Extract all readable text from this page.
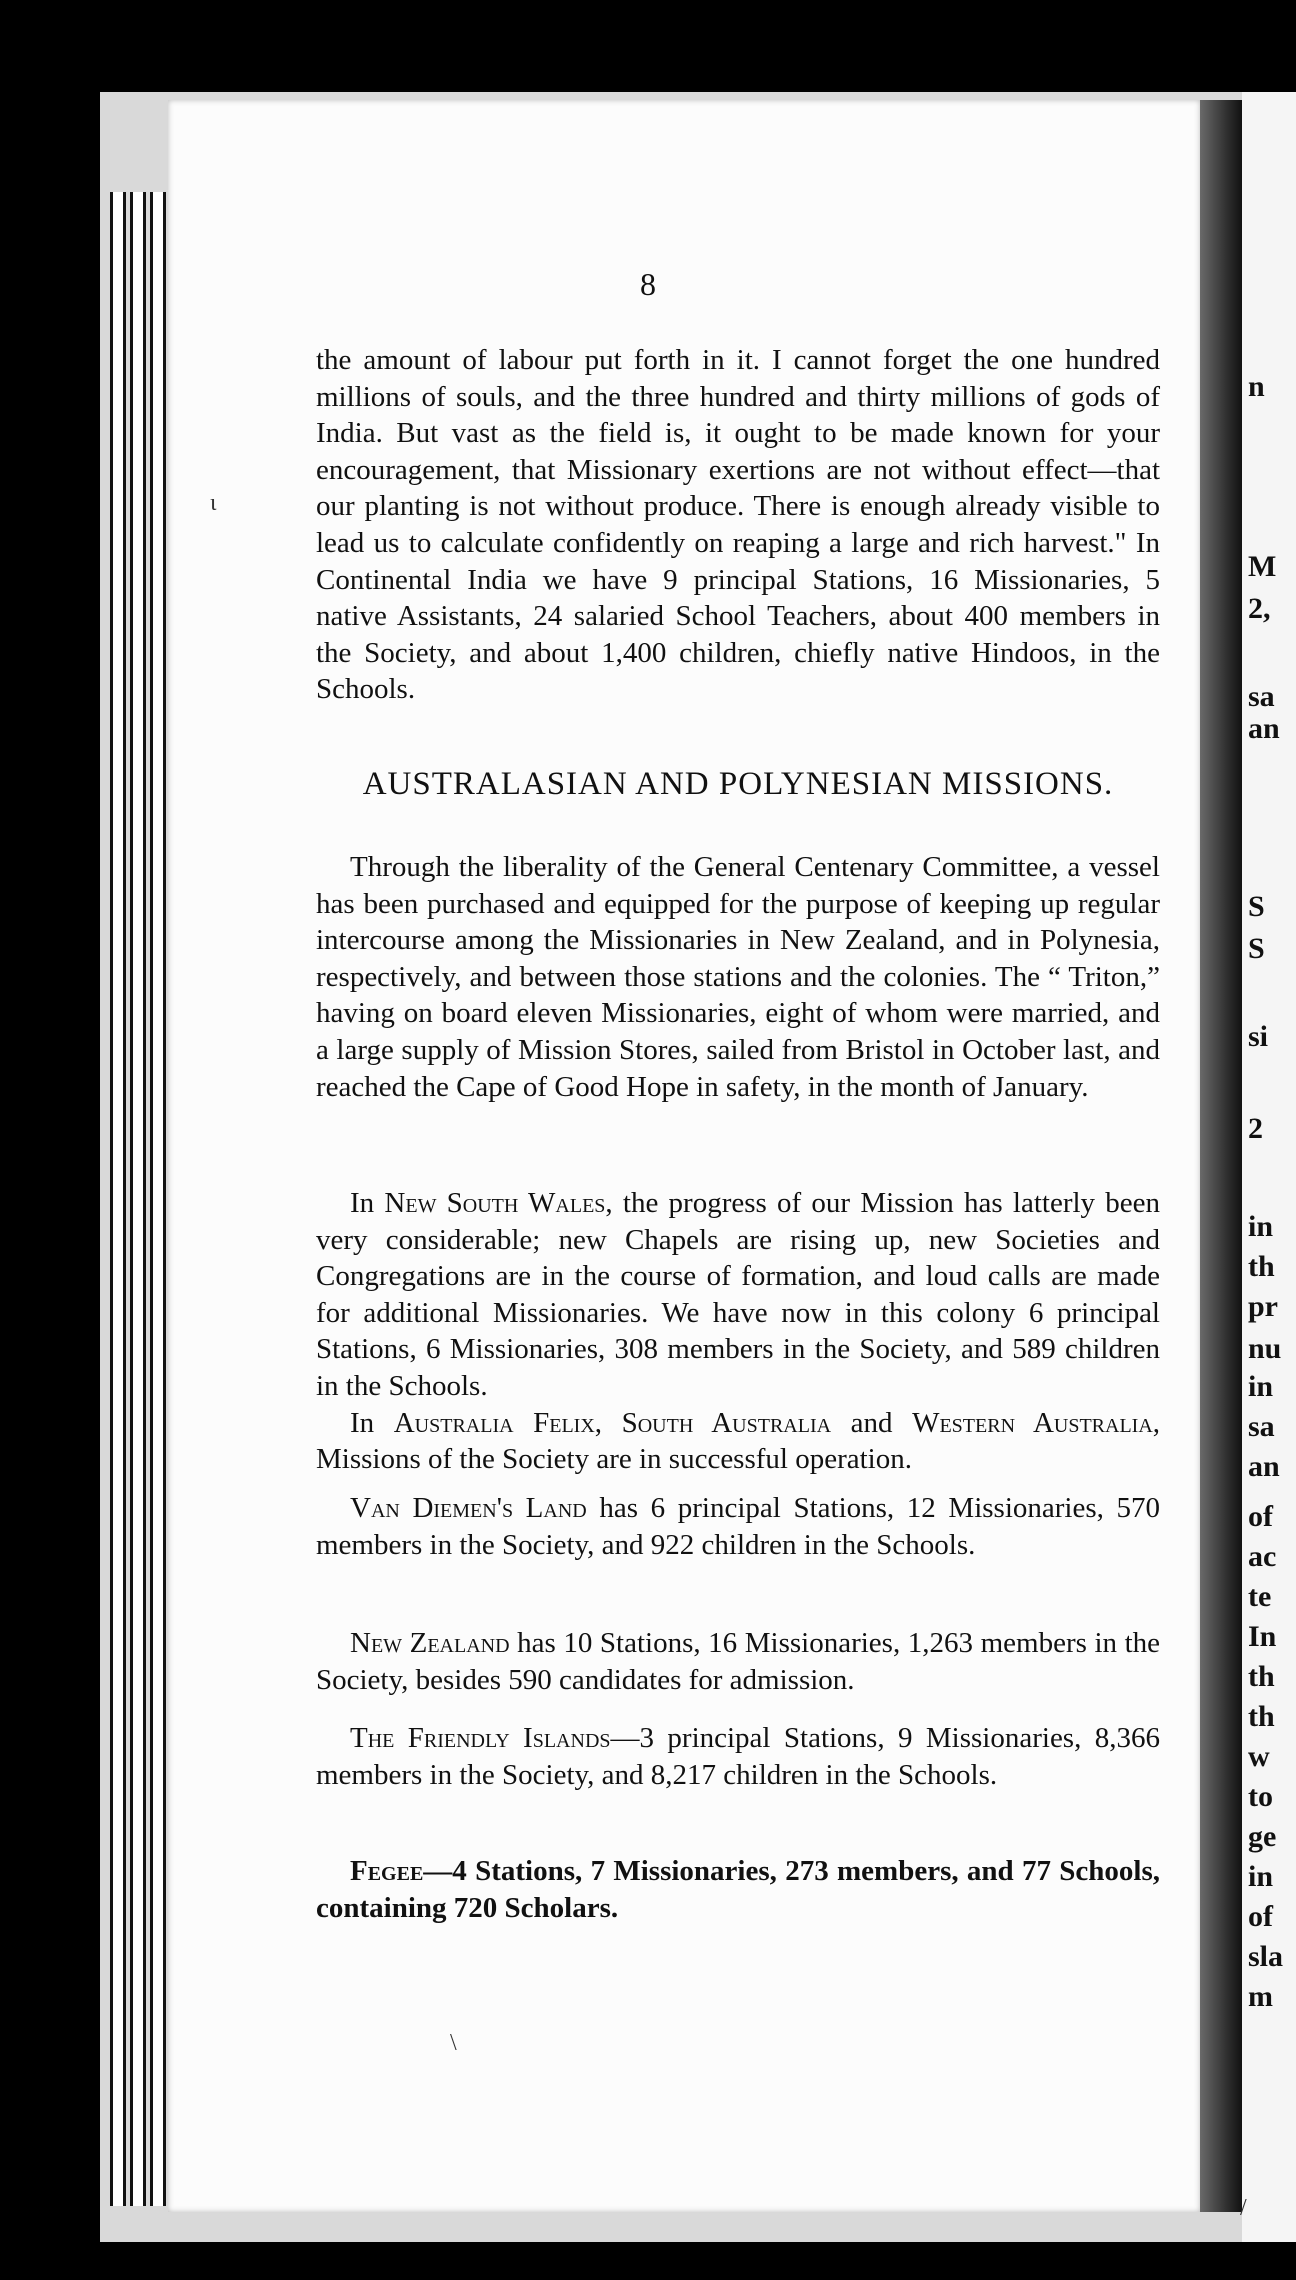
n
M
2,
sa
an
S
S
si
2
in
th
pr
nu
in
sa
an
of
ac
te
In
th
th
w
to
ge
in
of
sla
m
8

the amount of labour put forth in it. I cannot forget the one hundred millions of souls, and the three hundred and thirty millions of gods of India. But vast as the field is, it ought to be made known for your encouragement, that Missionary exertions are not without effect—that our planting is not without produce. There is enough already visible to lead us to calculate confidently on reaping a large and rich harvest." In Continental India we have 9 principal Stations, 16 Missionaries, 5 native Assistants, 24 salaried School Teachers, about 400 members in the Society, and about 1,400 children, chiefly native Hindoos, in the Schools.

AUSTRALASIAN AND POLYNESIAN MISSIONS.

Through the liberality of the General Centenary Committee, a vessel has been purchased and equipped for the purpose of keeping up regular intercourse among the Missionaries in New Zealand, and in Polynesia, respectively, and between those stations and the colonies. The “ Triton,” having on board eleven Missionaries, eight of whom were married, and a large supply of Mission Stores, sailed from Bristol in October last, and reached the Cape of Good Hope in safety, in the month of January.

In New South Wales, the progress of our Mission has latterly been very considerable; new Chapels are rising up, new Societies and Congregations are in the course of formation, and loud calls are made for additional Missionaries. We have now in this colony 6 principal Stations, 6 Missionaries, 308 members in the Society, and 589 children in the Schools.

In Australia Felix, South Australia and Western Australia, Missions of the Society are in successful operation.

Van Diemen's Land has 6 principal Stations, 12 Missionaries, 570 members in the Society, and 922 children in the Schools.

New Zealand has 10 Stations, 16 Missionaries, 1,263 members in the Society, besides 590 candidates for admission.

The Friendly Islands—3 principal Stations, 9 Missionaries, 8,366 members in the Society, and 8,217 children in the Schools.

Fegee—4 Stations, 7 Missionaries, 273 members, and 77 Schools, containing 720 Scholars.

ι
\
/
